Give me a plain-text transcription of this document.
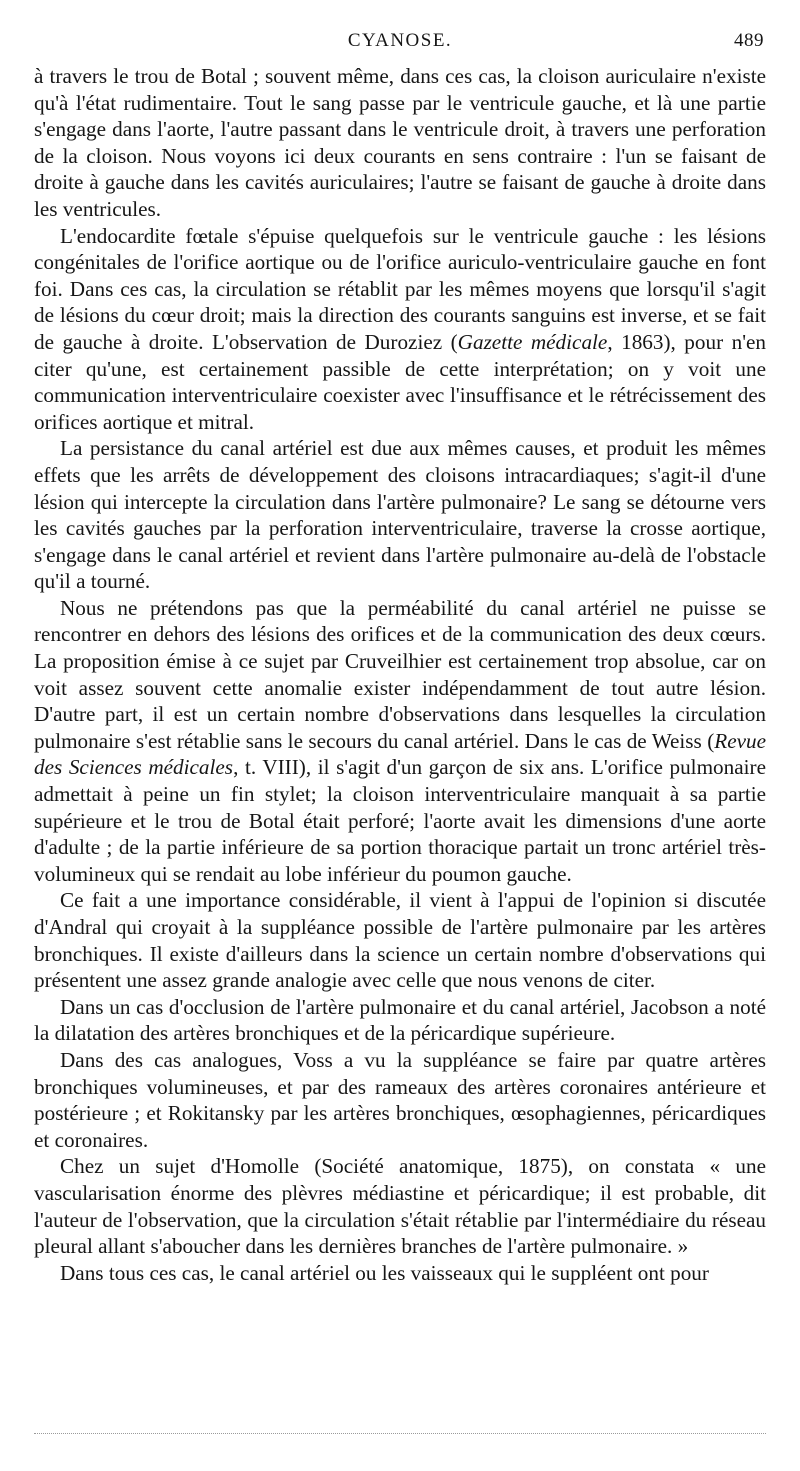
CYANOSE.	489

à travers le trou de Botal ; souvent même, dans ces cas, la cloison auriculaire n'existe qu'à l'état rudimentaire. Tout le sang passe par le ventricule gauche, et là une partie s'engage dans l'aorte, l'autre passant dans le ventricule droit, à travers une perforation de la cloison. Nous voyons ici deux courants en sens contraire : l'un se faisant de droite à gauche dans les cavités auriculaires; l'autre se faisant de gauche à droite dans les ventricules.

L'endocardite fœtale s'épuise quelquefois sur le ventricule gauche : les lésions congénitales de l'orifice aortique ou de l'orifice auriculo-ventriculaire gauche en font foi. Dans ces cas, la circulation se rétablit par les mêmes moyens que lorsqu'il s'agit de lésions du cœur droit; mais la direction des courants sanguins est inverse, et se fait de gauche à droite. L'observation de Duroziez (Gazette médicale, 1863), pour n'en citer qu'une, est certainement passible de cette interprétation; on y voit une communication interventriculaire coexister avec l'insuffisance et le rétrécissement des orifices aortique et mitral.

La persistance du canal artériel est due aux mêmes causes, et produit les mêmes effets que les arrêts de développement des cloisons intracardiaques; s'agit-il d'une lésion qui intercepte la circulation dans l'artère pulmonaire? Le sang se détourne vers les cavités gauches par la perforation interventriculaire, traverse la crosse aortique, s'engage dans le canal artériel et revient dans l'artère pulmonaire au-delà de l'obstacle qu'il a tourné.

Nous ne prétendons pas que la perméabilité du canal artériel ne puisse se rencontrer en dehors des lésions des orifices et de la communication des deux cœurs. La proposition émise à ce sujet par Cruveilhier est certainement trop absolue, car on voit assez souvent cette anomalie exister indépendamment de tout autre lésion. D'autre part, il est un certain nombre d'observations dans lesquelles la circulation pulmonaire s'est rétablie sans le secours du canal artériel. Dans le cas de Weiss (Revue des Sciences médicales, t. VIII), il s'agit d'un garçon de six ans. L'orifice pulmonaire admettait à peine un fin stylet; la cloison interventriculaire manquait à sa partie supérieure et le trou de Botal était perforé; l'aorte avait les dimensions d'une aorte d'adulte ; de la partie inférieure de sa portion thoracique partait un tronc artériel très-volumineux qui se rendait au lobe inférieur du poumon gauche.

Ce fait a une importance considérable, il vient à l'appui de l'opinion si discutée d'Andral qui croyait à la suppléance possible de l'artère pulmonaire par les artères bronchiques. Il existe d'ailleurs dans la science un certain nombre d'observations qui présentent une assez grande analogie avec celle que nous venons de citer.

Dans un cas d'occlusion de l'artère pulmonaire et du canal artériel, Jacobson a noté la dilatation des artères bronchiques et de la péricardique supérieure.

Dans des cas analogues, Voss a vu la suppléance se faire par quatre artères bronchiques volumineuses, et par des rameaux des artères coronaires antérieure et postérieure ; et Rokitansky par les artères bronchiques, œsophagiennes, péricardiques et coronaires.

Chez un sujet d'Homolle (Société anatomique, 1875), on constata « une vascularisation énorme des plèvres médiastine et péricardique; il est probable, dit l'auteur de l'observation, que la circulation s'était rétablie par l'intermédiaire du réseau pleural allant s'aboucher dans les dernières branches de l'artère pulmonaire. »

Dans tous ces cas, le canal artériel ou les vaisseaux qui le suppléent ont pour
